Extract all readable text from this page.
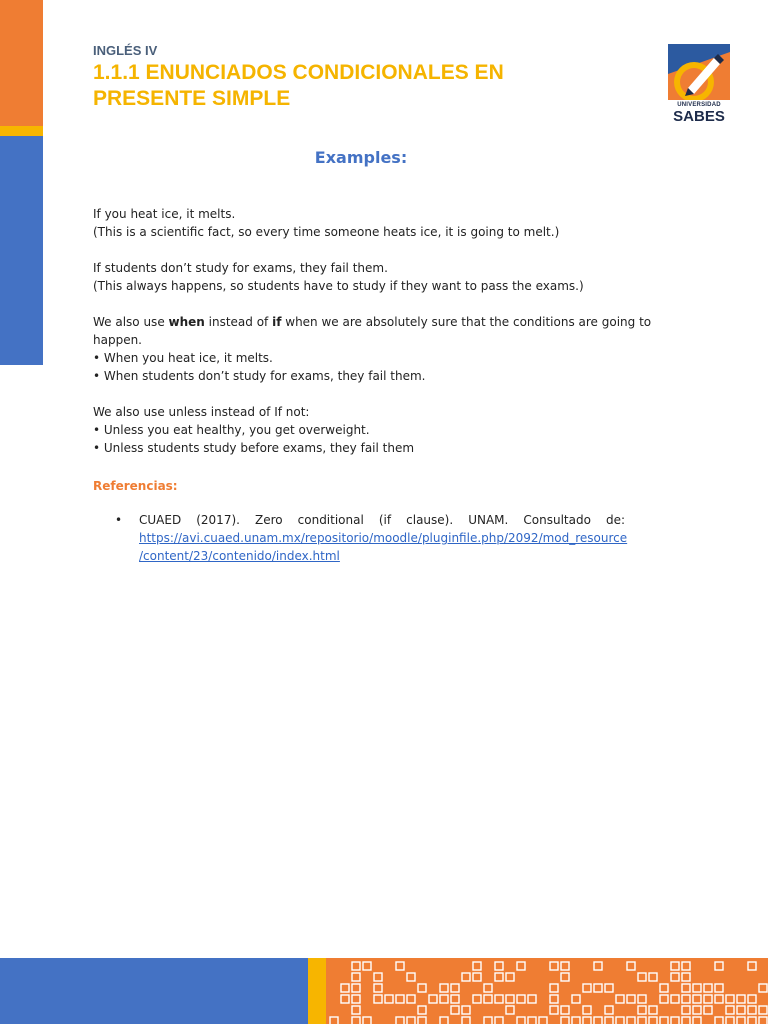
INGLÉS IV
1.1.1 ENUNCIADOS CONDICIONALES EN PRESENTE SIMPLE	UNIVERSIDAD
SABES
Examples:

If you heat ice, it melts.

(This is a scientific fact, so every time someone heats ice, it is going to melt.)

If students don’t study for exams, they fail them.

(This always happens, so students have to study if they want to pass the exams.)

We also use when instead of if when we are absolutely sure that the conditions are going to happen.

• When you heat ice, it melts.

• When students don’t study for exams, they fail them.

We also use unless instead of If not:

• Unless you eat healthy, you get overweight.

• Unless students study before exams, they fail them

Referencias:
• CUAED (2017). Zero conditional (if clause). UNAM. Consultado de:
https://avi.cuaed.unam.mx/repositorio/moodle/pluginfile.php/2092/mod_resource
/content/23/contenido/index.html
